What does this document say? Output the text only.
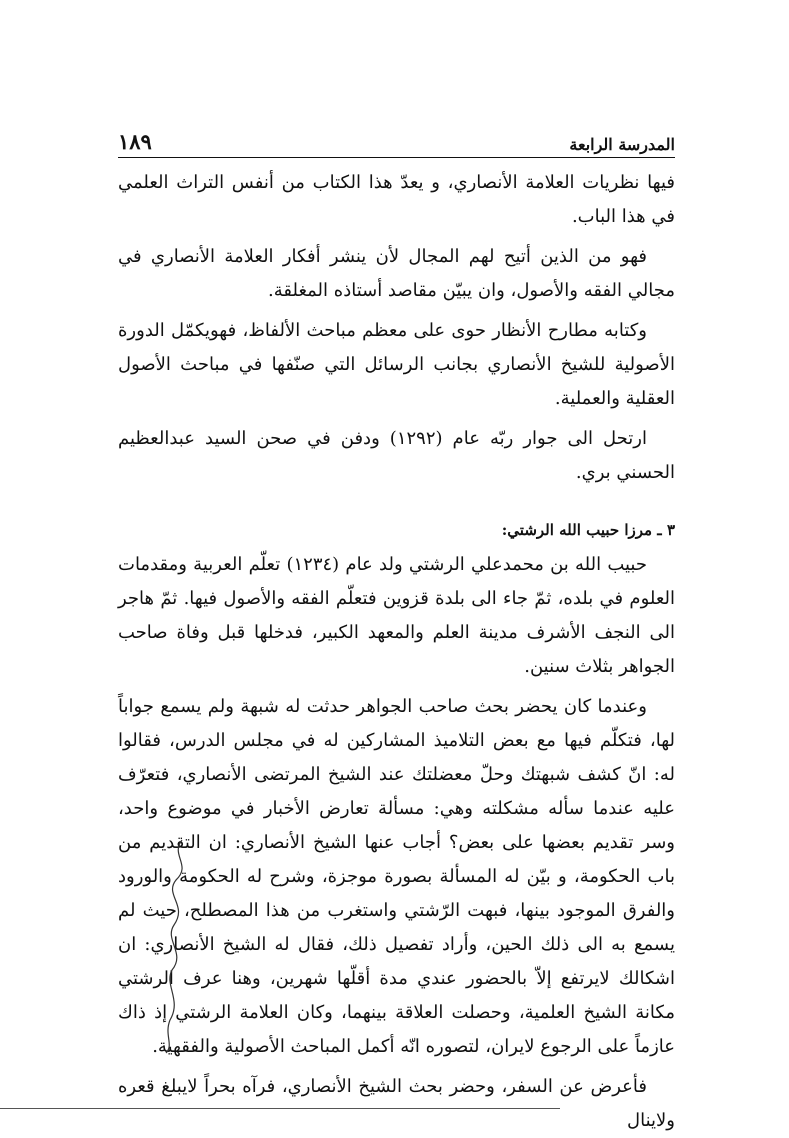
المدرسة الرابعة
١٨٩

فيها نظريات العلامة الأنصاري، و يعدّ هذا الكتاب من أنفس التراث العلمي في هذا الباب.

فهو من الذين أتيح لهم المجال لأن ينشر أفكار العلامة الأنصاري في مجالي الفقه والأصول، وان يبيّن مقاصد أستاذه المغلقة.

وكتابه مطارح الأنظار حوى على معظم مباحث الألفاظ، فهويكمّل الدورة الأصولية للشيخ الأنصاري بجانب الرسائل التي صنّفها في مباحث الأصول العقلية والعملية.

ارتحل الى جوار ربّه عام (١٢٩٢) ودفن في صحن السيد عبدالعظيم الحسني بري.

٣ ـ مرزا حبيب الله الرشتي:

حبيب الله بن محمدعلي الرشتي ولد عام (١٢٣٤) تعلّم العربية ومقدمات العلوم في بلده، ثمّ جاء الى بلدة قزوين فتعلّم الفقه والأصول فيها. ثمّ هاجر الى النجف الأشرف مدينة العلم والمعهد الكبير، فدخلها قبل وفاة صاحب الجواهر بثلاث سنين.

وعندما كان يحضر بحث صاحب الجواهر حدثت له شبهة ولم يسمع جواباً لها، فتكلّم فيها مع بعض التلاميذ المشاركين له في مجلس الدرس، فقالوا له: انّ كشف شبهتك وحلّ معضلتك عند الشيخ المرتضى الأنصاري، فتعرّف عليه عندما سأله مشكلته وهي: مسألة تعارض الأخبار في موضوع واحد، وسر تقديم بعضها على بعض؟ أجاب عنها الشيخ الأنصاري: ان التقديم من باب الحكومة، و بيّن له المسألة بصورة موجزة، وشرح له الحكومة والورود والفرق الموجود بينها، فبهت الرّشتي واستغرب من هذا المصطلح، حيث لم يسمع به الى ذلك الحين، وأراد تفصيل ذلك، فقال له الشيخ الأنصاري: ان اشكالك لايرتفع إلاّ بالحضور عندي مدة أقلّها شهرين، وهنا عرف الرشتي مكانة الشيخ العلمية، وحصلت العلاقة بينهما، وكان العلامة الرشتي إذ ذاك عازماً على الرجوع لايران، لتصوره انّه أكمل المباحث الأصولية والفقهية.

فأعرض عن السفر، وحضر بحث الشيخ الأنصاري، فرآه بحراً لايبلغ قعره ولاينال
